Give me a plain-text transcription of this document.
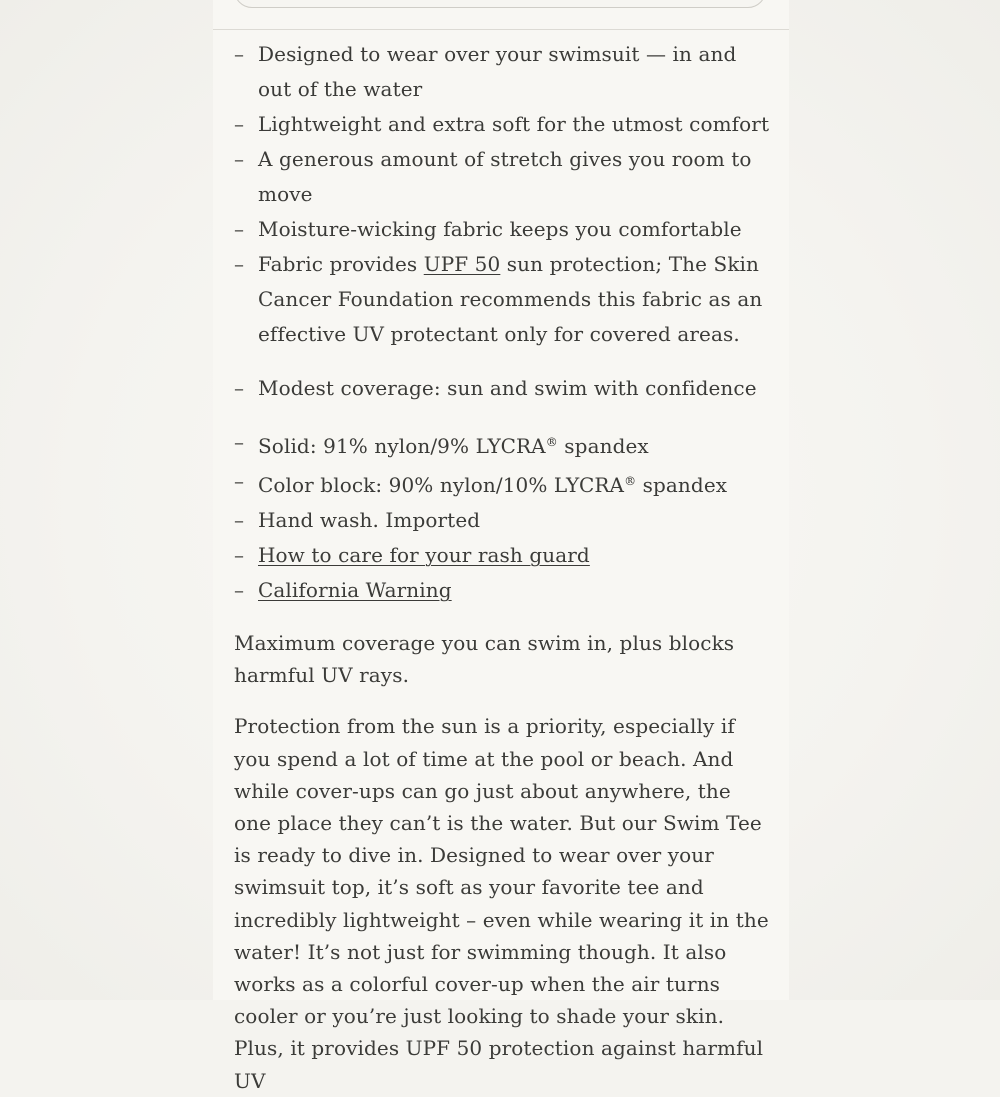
– Designed to wear over your swimsuit — in and out of the water
– Lightweight and extra soft for the utmost comfort
– A generous amount of stretch gives you room to move
– Moisture-wicking fabric keeps you comfortable
– Fabric provides UPF 50 sun protection; The Skin Cancer Foundation recommends this fabric as an effective UV protectant only for covered areas.
– Modest coverage: sun and swim with confidence
– Solid: 91% nylon/9% LYCRA® spandex
– Color block: 90% nylon/10% LYCRA® spandex
– Hand wash. Imported
– How to care for your rash guard
– California Warning

Maximum coverage you can swim in, plus blocks harmful UV rays.

Protection from the sun is a priority, especially if you spend a lot of time at the pool or beach. And while cover-ups can go just about anywhere, the one place they can’t is the water. But our Swim Tee is ready to dive in. Designed to wear over your swimsuit top, it’s soft as your favorite tee and incredibly lightweight – even while wearing it in the water! It’s not just for swimming though. It also works as a colorful cover-up when the air turns cooler or you’re just looking to shade your skin. Plus, it provides UPF 50 protection against harmful UV
